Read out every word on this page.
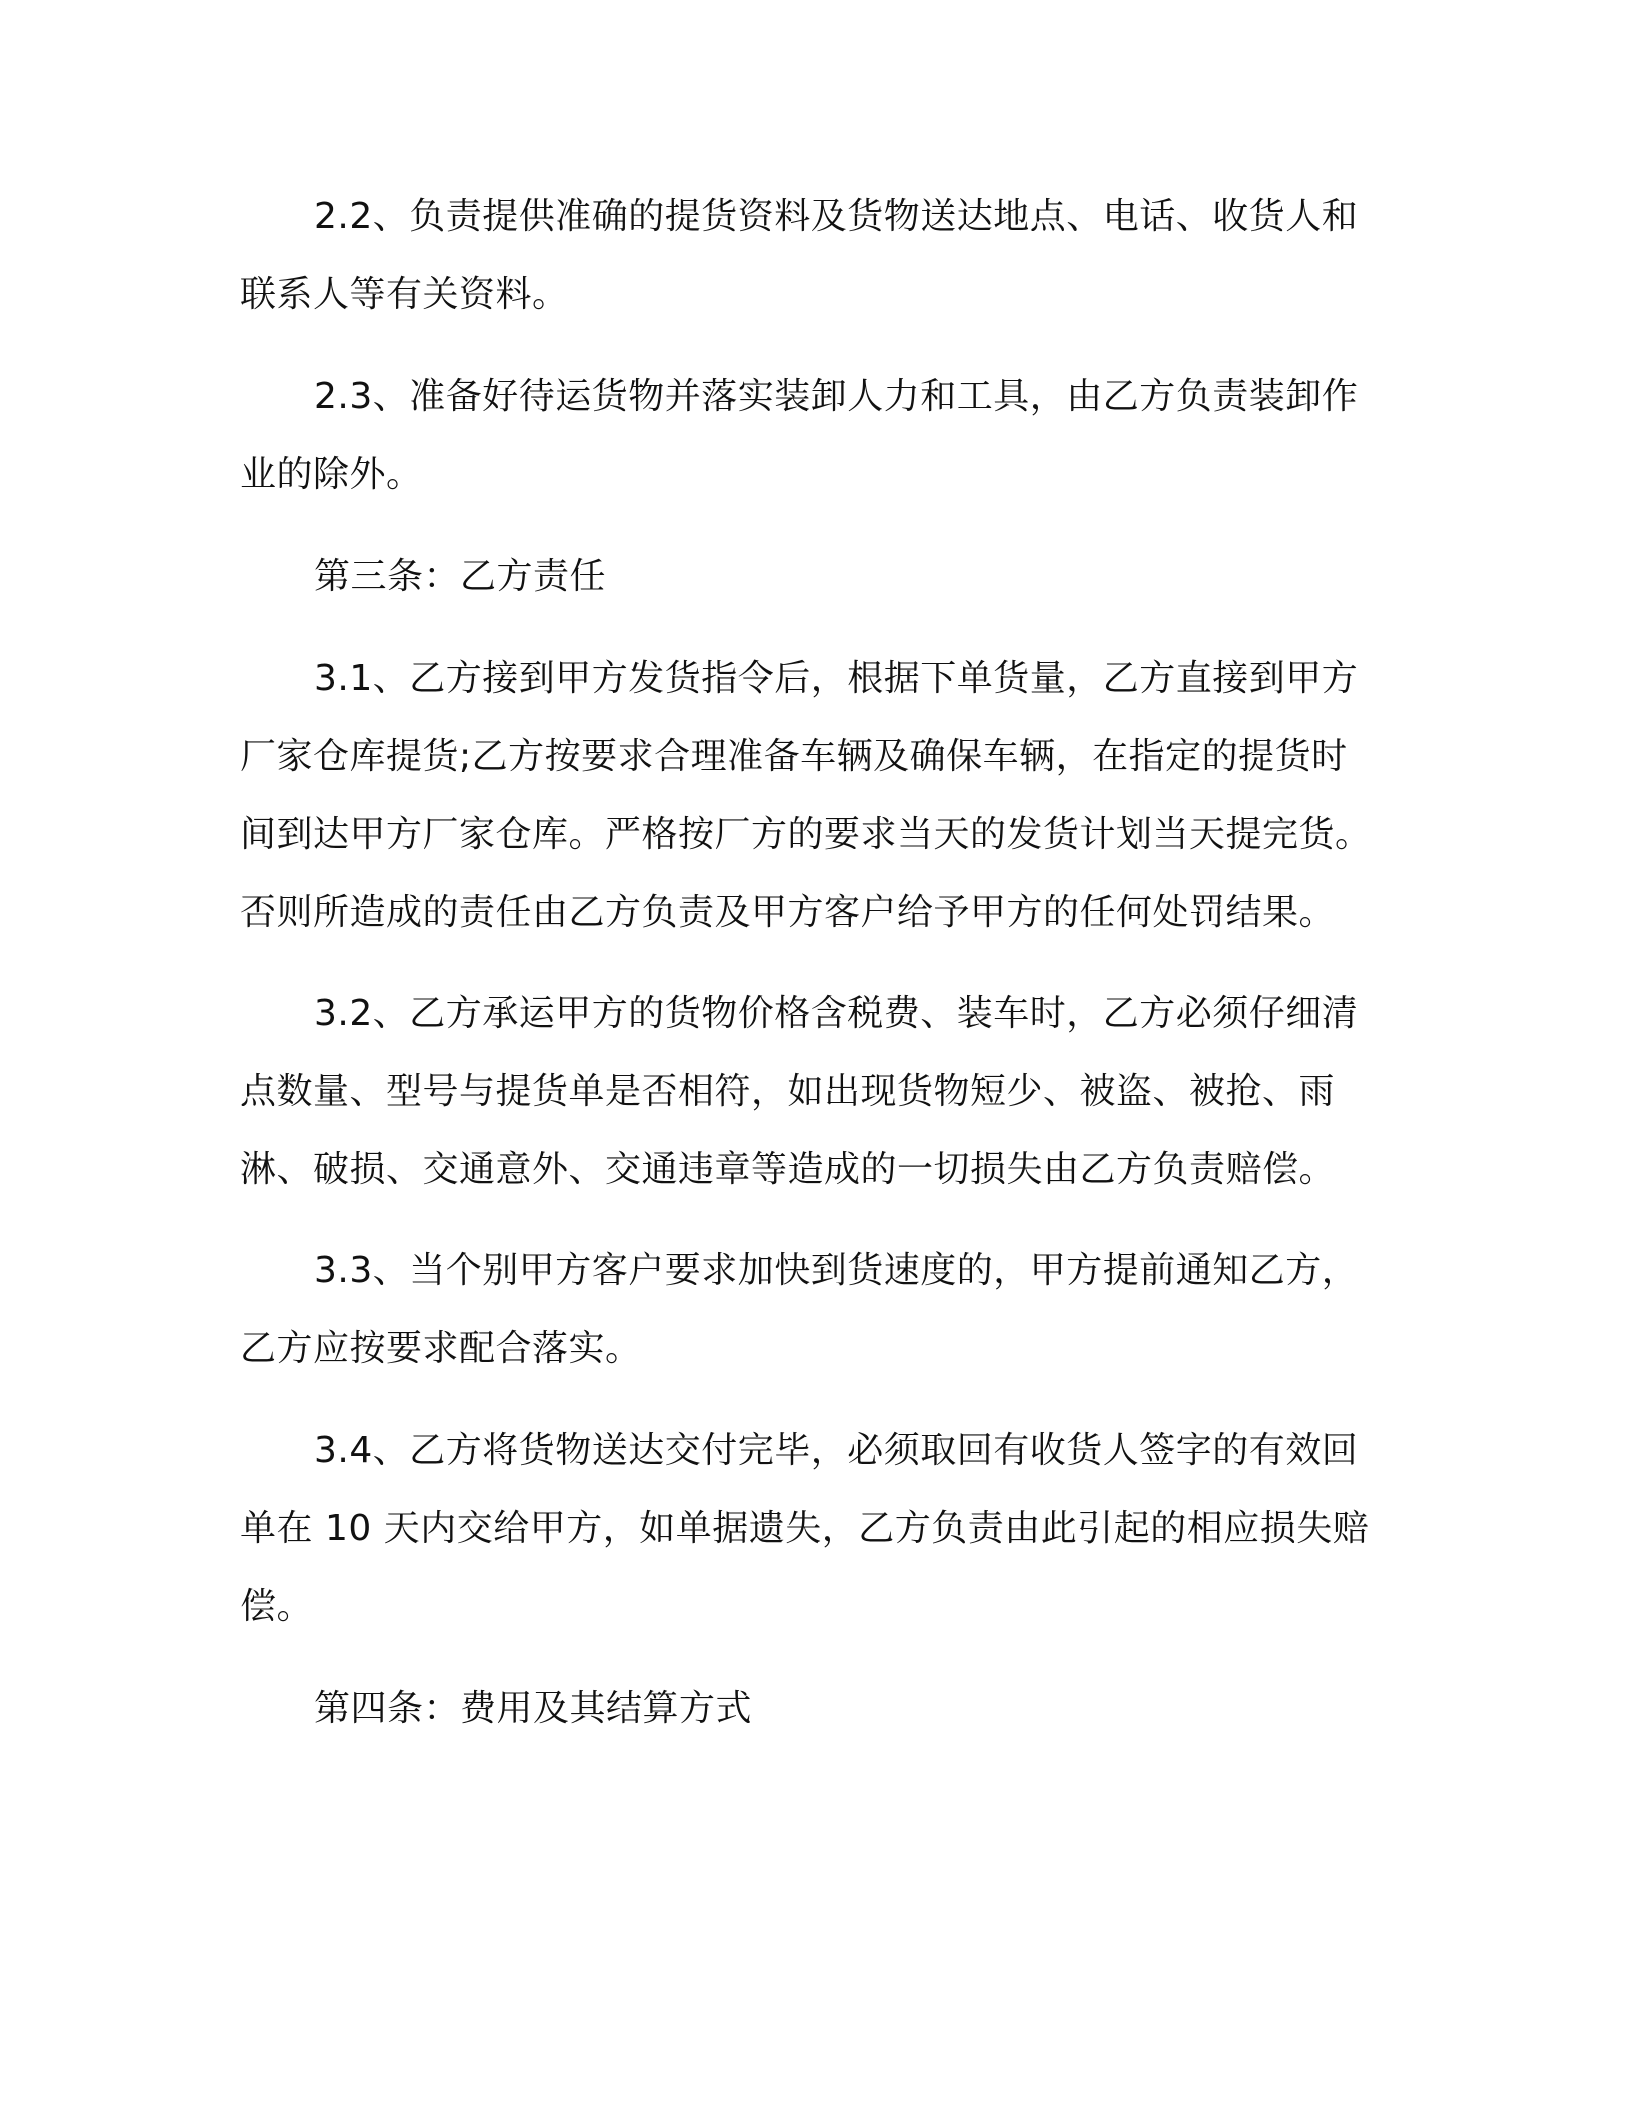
2.2、负责提供准确的提货资料及货物送达地点、电话、收货人和
联系人等有关资料。
2.3、准备好待运货物并落实装卸人力和工具，由乙方负责装卸作
业的除外。
第三条：乙方责任
3.1、乙方接到甲方发货指令后，根据下单货量，乙方直接到甲方
厂家仓库提货;乙方按要求合理准备车辆及确保车辆，在指定的提货时
间到达甲方厂家仓库。严格按厂方的要求当天的发货计划当天提完货。
否则所造成的责任由乙方负责及甲方客户给予甲方的任何处罚结果。
3.2、乙方承运甲方的货物价格含税费、装车时，乙方必须仔细清
点数量、型号与提货单是否相符，如出现货物短少、被盗、被抢、雨
淋、破损、交通意外、交通违章等造成的一切损失由乙方负责赔偿。
3.3、当个别甲方客户要求加快到货速度的，甲方提前通知乙方，
乙方应按要求配合落实。
3.4、乙方将货物送达交付完毕，必须取回有收货人签字的有效回
单在 10 天内交给甲方，如单据遗失，乙方负责由此引起的相应损失赔
偿。
第四条：费用及其结算方式
